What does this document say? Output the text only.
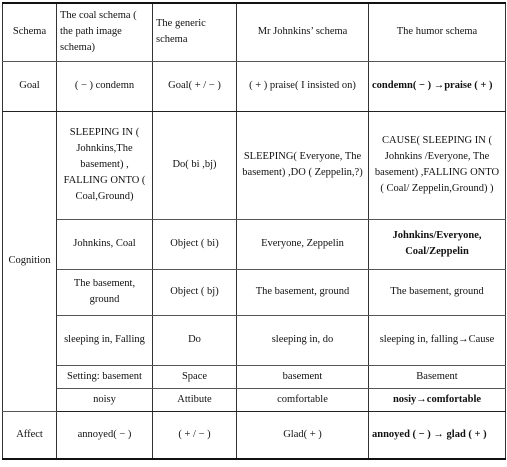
Schema	The coal schema ( the path image schema)	The generic schema	Mr Johnkins’ schema	The humor schema
Goal	( − ) condemn	Goal( + / − )	( + ) praise( I insisted on)	condemn( − ) →praise ( + )
Cognition	SLEEPING IN ( Johnkins,The basement) , FALLING ONTO ( Coal,Ground)	Do( bi ,bj)	SLEEPING( Everyone, The basement) ,DO ( Zeppelin,?)	CAUSE( SLEEPING IN ( Johnkins /Everyone, The basement) ,FALLING ONTO ( Coal/ Zeppelin,Ground) )
	Johnkins, Coal	Object ( bi)	Everyone, Zeppelin	Johnkins/Everyone, Coal/Zeppelin
	The basement, ground	Object ( bj)	The basement, ground	The basement, ground
	sleeping in, Falling	Do	sleeping in, do	sleeping in, falling→Cause
	Setting: basement	Space	basement	Basement
	noisy	Attibute	comfortable	nosiy→comfortable
Affect	annoyed( − )	( + / − )	Glad( + )	annoyed ( − ) → glad ( + )
